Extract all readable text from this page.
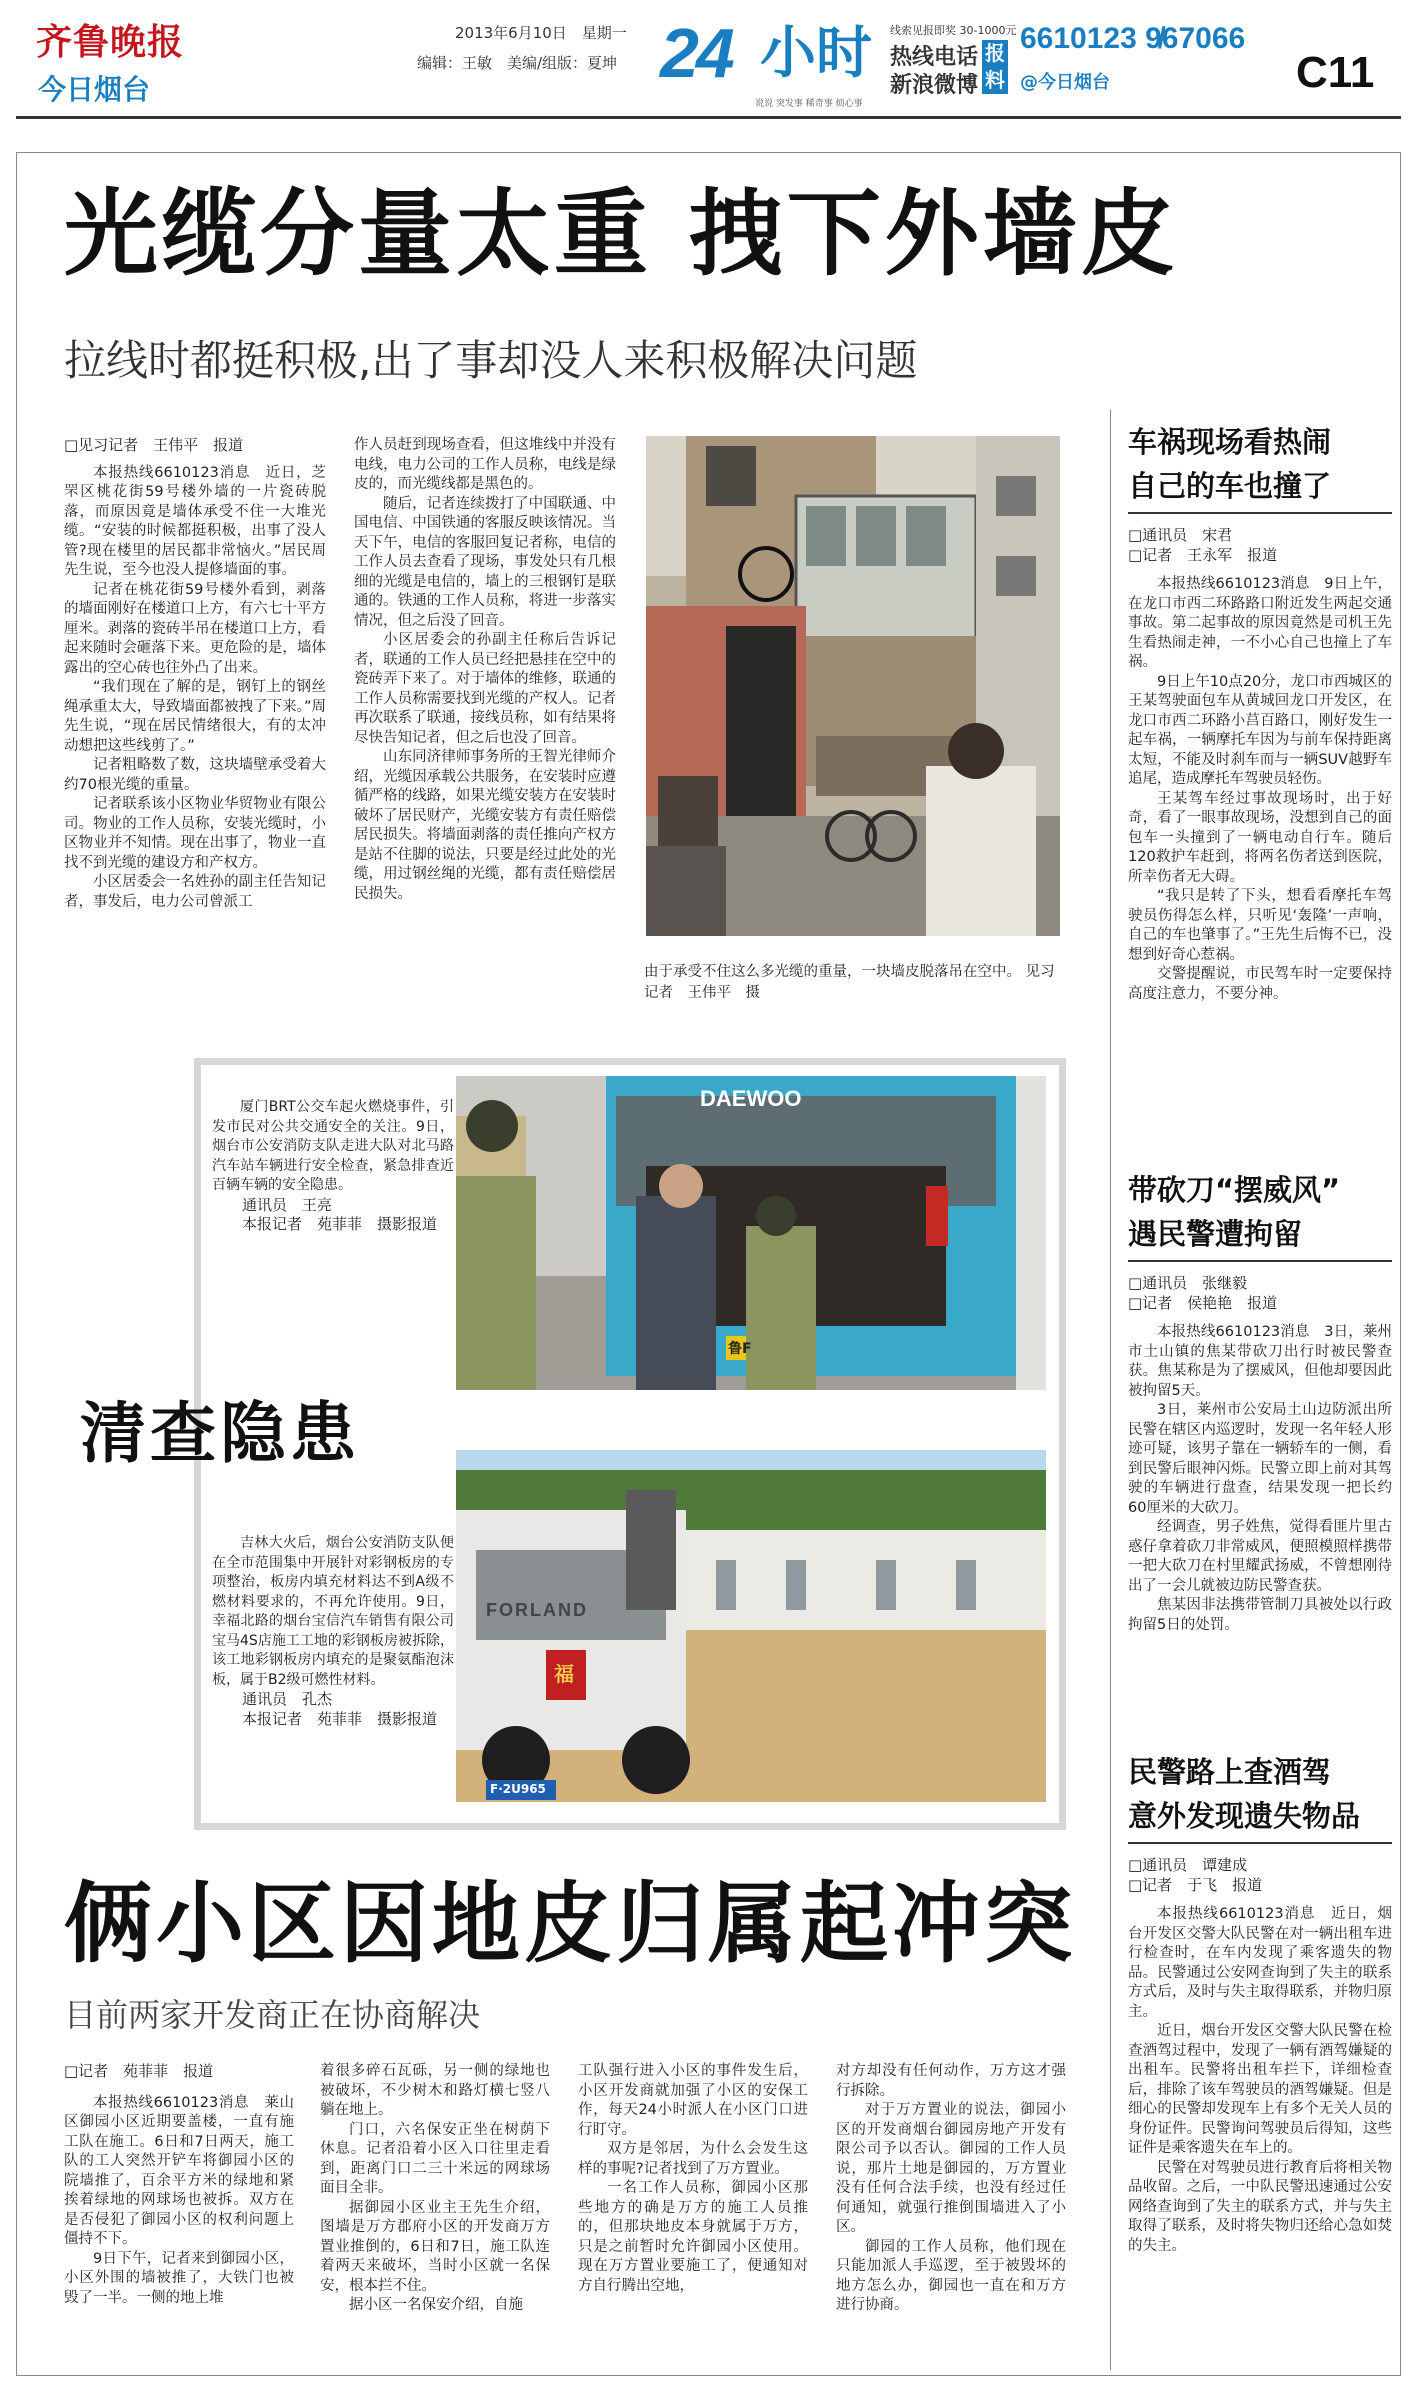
齐鲁晚报
今日烟台
2013年6月10日　星期一
编辑：王敏　美编/组版：夏坤 24 小时
说说 突发事 稀奇事 烦心事
线索见报即奖 30-1000元
热线电话
新浪微博
报料
6610123 9̸67066
@今日烟台	C11
光缆分量太重 拽下外墙皮
拉线时都挺积极,出了事却没人来积极解决问题
□见习记者　王伟平　报道

本报热线6610123消息　近日，芝罘区桃花街59号楼外墙的一片瓷砖脱落，而原因竟是墙体承受不住一大堆光缆。“安装的时候都挺积极，出事了没人管?现在楼里的居民都非常恼火。”居民周先生说，至今也没人提修墙面的事。

记者在桃花街59号楼外看到，剥落的墙面刚好在楼道口上方，有六七十平方厘米。剥落的瓷砖半吊在楼道口上方，看起来随时会砸落下来。更危险的是，墙体露出的空心砖也往外凸了出来。

“我们现在了解的是，钢钉上的钢丝绳承重太大，导致墙面都被拽了下来。”周先生说，“现在居民情绪很大，有的太冲动想把这些线剪了。”

记者粗略数了数，这块墙壁承受着大约70根光缆的重量。

记者联系该小区物业华贸物业有限公司。物业的工作人员称，安装光缆时，小区物业并不知情。现在出事了，物业一直找不到光缆的建设方和产权方。

小区居委会一名姓孙的副主任告知记者，事发后，电力公司曾派工

作人员赶到现场查看，但这堆线中并没有电线，电力公司的工作人员称，电线是绿皮的，而光缆线都是黑色的。

随后，记者连续拨打了中国联通、中国电信、中国铁通的客服反映该情况。当天下午，电信的客服回复记者称，电信的工作人员去查看了现场，事发处只有几根细的光缆是电信的，墙上的三根钢钉是联通的。铁通的工作人员称，将进一步落实情况，但之后没了回音。

小区居委会的孙副主任称后告诉记者，联通的工作人员已经把悬挂在空中的瓷砖弄下来了。对于墙体的维修，联通的工作人员称需要找到光缆的产权人。记者再次联系了联通，接线员称，如有结果将尽快告知记者，但之后也没了回音。

山东同济律师事务所的王智光律师介绍，光缆因承载公共服务，在安装时应遵循严格的线路，如果光缆安装方在安装时破坏了居民财产，光缆安装方有责任赔偿居民损失。将墙面剥落的责任推向产权方是站不住脚的说法，只要是经过此处的光缆，用过钢丝绳的光缆，都有责任赔偿居民损失。

由于承受不住这么多光缆的重量，一块墙皮脱落吊在空中。 见习记者　王伟平　摄

厦门BRT公交车起火燃烧事件，引发市民对公共交通安全的关注。9日，烟台市公安消防支队走进大队对北马路汽车站车辆进行安全检查，紧急排查近百辆车辆的安全隐患。

通讯员　王亮
本报记者　苑菲菲　摄影报道
DAEWOO
鲁F
清查隐患

吉林大火后，烟台公安消防支队便在全市范围集中开展针对彩钢板房的专项整治，板房内填充材料达不到A级不燃材料要求的，不再允许使用。9日，幸福北路的烟台宝信汽车销售有限公司宝马4S店施工工地的彩钢板房被拆除，该工地彩钢板房内填充的是聚氨酯泡沫板，属于B2级可燃性材料。

通讯员　孔杰
本报记者　苑菲菲　摄影报道
FORLAND
福
F·2U965
俩小区因地皮归属起冲突
目前两家开发商正在协商解决
□记者　苑菲菲　报道

本报热线6610123消息　莱山区御园小区近期要盖楼，一直有施工队在施工。6日和7日两天，施工队的工人突然开铲车将御园小区的院墙推了，百余平方米的绿地和紧挨着绿地的网球场也被拆。双方在是否侵犯了御园小区的权利问题上僵持不下。

9日下午，记者来到御园小区，小区外围的墙被推了，大铁门也被毁了一半。一侧的地上堆

着很多碎石瓦砾，另一侧的绿地也被破坏，不少树木和路灯横七竖八躺在地上。

门口，六名保安正坐在树荫下休息。记者沿着小区入口往里走看到，距离门口二三十米远的网球场面目全非。

据御园小区业主王先生介绍，图墙是万方郡府小区的开发商万方置业推倒的，6日和7日，施工队连着两天来破坏，当时小区就一名保安，根本拦不住。

据小区一名保安介绍，自施

工队强行进入小区的事件发生后，小区开发商就加强了小区的安保工作，每天24小时派人在小区门口进行盯守。

双方是邻居，为什么会发生这样的事呢?记者找到了万方置业。

一名工作人员称，御园小区那些地方的确是万方的施工人员推的，但那块地皮本身就属于万方，只是之前暂时允许御园小区使用。现在万方置业要施工了，便通知对方自行腾出空地，

对方却没有任何动作，万方这才强行拆除。

对于万方置业的说法，御园小区的开发商烟台御园房地产开发有限公司予以否认。御园的工作人员说，那片土地是御园的，万方置业没有任何合法手续，也没有经过任何通知，就强行推倒围墙进入了小区。

御园的工作人员称，他们现在只能加派人手巡逻，至于被毁坏的地方怎么办，御园也一直在和万方进行协商。

车祸现场看热闹
自己的车也撞了
□通讯员　宋君
□记者　王永军　报道

本报热线6610123消息　9日上午，在龙口市西二环路路口附近发生两起交通事故。第二起事故的原因竟然是司机王先生看热闹走神，一不小心自己也撞上了车祸。

9日上午10点20分，龙口市西城区的王某驾驶面包车从黄城回龙口开发区，在龙口市西二环路小莒百路口，刚好发生一起车祸，一辆摩托车因为与前车保持距离太短，不能及时刹车而与一辆SUV越野车追尾，造成摩托车驾驶员轻伤。

王某驾车经过事故现场时，出于好奇，看了一眼事故现场，没想到自己的面包车一头撞到了一辆电动自行车。随后120救护车赶到，将两名伤者送到医院，所幸伤者无大碍。

“我只是转了下头，想看看摩托车驾驶员伤得怎么样，只听见‘轰隆’一声响，自己的车也肇事了。”王先生后悔不已，没想到好奇心惹祸。

交警提醒说，市民驾车时一定要保持高度注意力，不要分神。

带砍刀“摆威风”
遇民警遭拘留
□通讯员　张继毅
□记者　侯艳艳　报道

本报热线6610123消息　3日，莱州市土山镇的焦某带砍刀出行时被民警查获。焦某称是为了摆威风，但他却要因此被拘留5天。

3日，莱州市公安局土山边防派出所民警在辖区内巡逻时，发现一名年轻人形迹可疑，该男子靠在一辆轿车的一侧，看到民警后眼神闪烁。民警立即上前对其驾驶的车辆进行盘查，结果发现一把长约60厘米的大砍刀。

经调查，男子姓焦，觉得看匪片里古惑仔拿着砍刀非常威风，便照模照样携带一把大砍刀在村里耀武扬威，不曾想刚待出了一会儿就被边防民警查获。

焦某因非法携带管制刀具被处以行政拘留5日的处罚。

民警路上查酒驾
意外发现遗失物品
□通讯员　谭建成
□记者　于飞　报道

本报热线6610123消息　近日，烟台开发区交警大队民警在对一辆出租车进行检查时，在车内发现了乘客遗失的物品。民警通过公安网查询到了失主的联系方式后，及时与失主取得联系，并物归原主。

近日，烟台开发区交警大队民警在检查酒驾过程中，发现了一辆有酒驾嫌疑的出租车。民警将出租车拦下，详细检查后，排除了该车驾驶员的酒驾嫌疑。但是细心的民警却发现车上有多个无关人员的身份证件。民警询问驾驶员后得知，这些证件是乘客遗失在车上的。

民警在对驾驶员进行教育后将相关物品收留。之后，一中队民警迅速通过公安网络查询到了失主的联系方式，并与失主取得了联系，及时将失物归还给心急如焚的失主。
